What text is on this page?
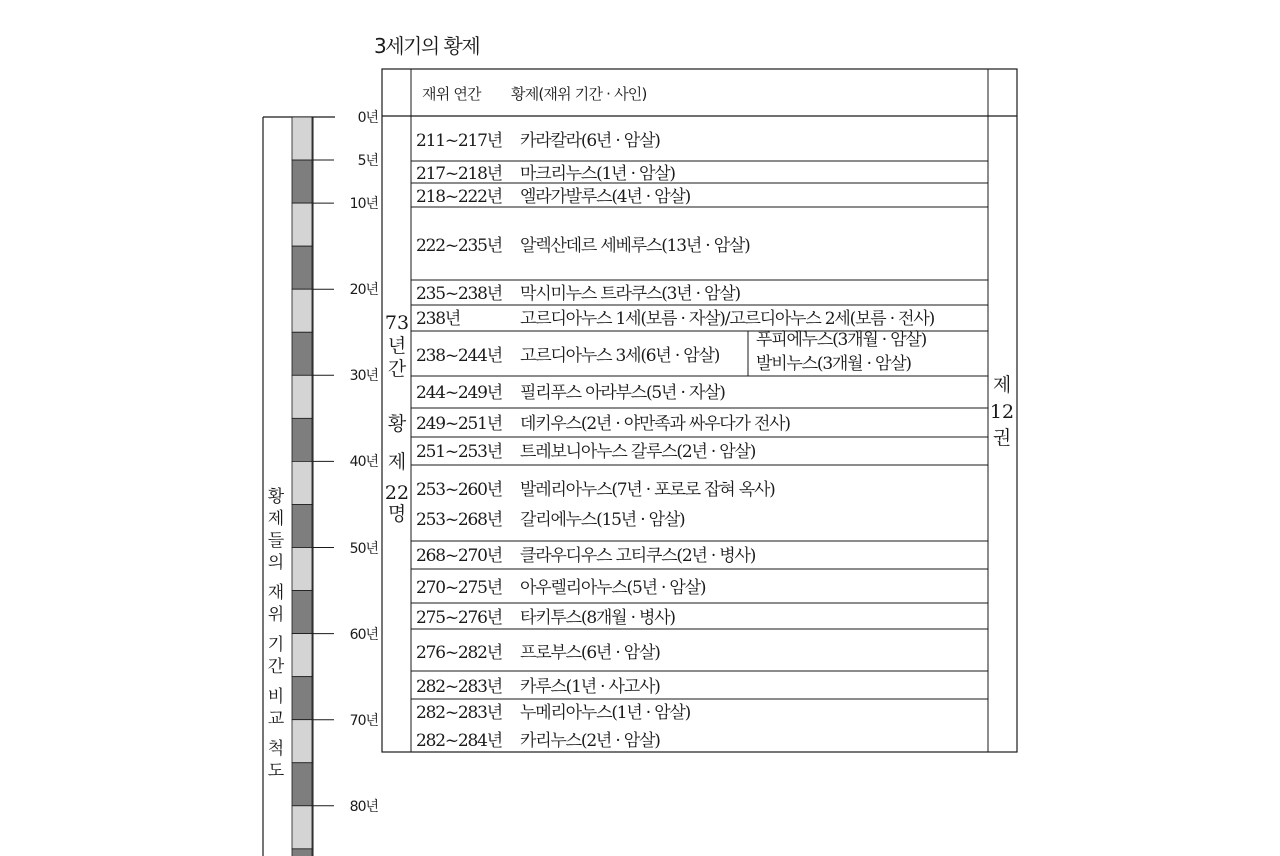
3세기의 황제
재위 연간 황제(재위 기간 · 사인)
73
년
간
황
제
22
명
제
12
권
황
제
들
의
재
위
기
간
비
교
척
도
0년
5년
10년
20년
30년
40년
50년
60년
70년
80년
211~217년 카라칼라(6년 · 암살)
217~218년 마크리누스(1년 · 암살)
218~222년 엘라가발루스(4년 · 암살)
222~235년 알렉산데르 세베루스(13년 · 암살)
235~238년 막시미누스 트라쿠스(3년 · 암살)
238년	고르디아누스 1세(보름 · 자살)/고르디아누스 2세(보름 · 전사)
238~244년 고르디아누스 3세(6년 · 암살)
244~249년 필리푸스 아라부스(5년 · 자살)
249~251년 데키우스(2년 · 야만족과 싸우다가 전사)
251~253년 트레보니아누스 갈루스(2년 · 암살)
253~260년 발레리아누스(7년 · 포로로 잡혀 옥사)
253~268년 갈리에누스(15년 · 암살)
268~270년 클라우디우스 고티쿠스(2년 · 병사)
270~275년 아우렐리아누스(5년 · 암살)
275~276년 타키투스(8개월 · 병사)
276~282년 프로부스(6년 · 암살)
282~283년 카루스(1년 · 사고사)
282~283년 누메리아누스(1년 · 암살)
282~284년 카리누스(2년 · 암살)
푸피에누스(3개월 · 암살)
발비누스(3개월 · 암살)
